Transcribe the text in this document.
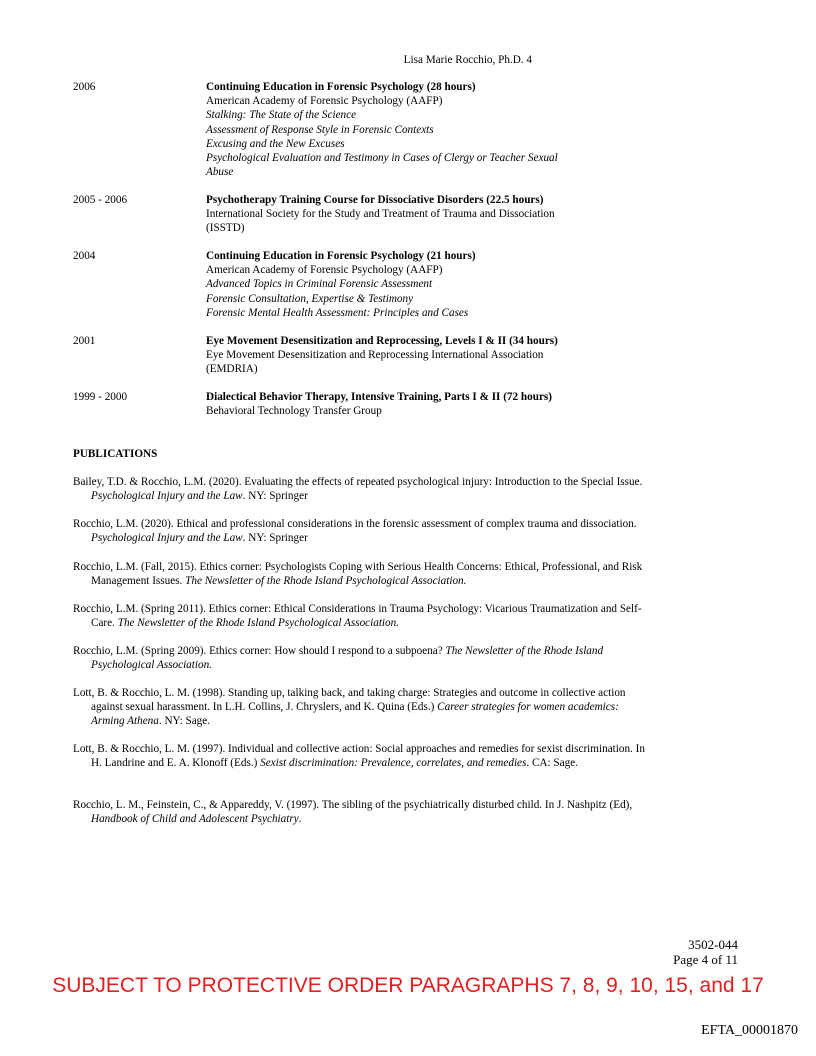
Lisa Marie Rocchio, Ph.D. 4
2006	Continuing Education in Forensic Psychology (28 hours)
American Academy of Forensic Psychology (AAFP)
Stalking: The State of the Science
Assessment of Response Style in Forensic Contexts
Excusing and the New Excuses
Psychological Evaluation and Testimony in Cases of Clergy or Teacher Sexual
Abuse
2005 - 2006	Psychotherapy Training Course for Dissociative Disorders (22.5 hours)
International Society for the Study and Treatment of Trauma and Dissociation
(ISSTD)
2004	Continuing Education in Forensic Psychology (21 hours)
American Academy of Forensic Psychology (AAFP)
Advanced Topics in Criminal Forensic Assessment
Forensic Consultation, Expertise & Testimony
Forensic Mental Health Assessment: Principles and Cases
2001	Eye Movement Desensitization and Reprocessing, Levels I & II (34 hours)
Eye Movement Desensitization and Reprocessing International Association
(EMDRIA)
1999 - 2000	Dialectical Behavior Therapy, Intensive Training, Parts I & II (72 hours)
Behavioral Technology Transfer Group
PUBLICATIONS
Bailey, T.D. & Rocchio, L.M. (2020). Evaluating the effects of repeated psychological injury: Introduction to the Special Issue. Psychological Injury and the Law. NY: Springer
Rocchio, L.M. (2020). Ethical and professional considerations in the forensic assessment of complex trauma and dissociation. Psychological Injury and the Law. NY: Springer
Rocchio, L.M. (Fall, 2015). Ethics corner: Psychologists Coping with Serious Health Concerns: Ethical, Professional, and Risk Management Issues. The Newsletter of the Rhode Island Psychological Association.
Rocchio, L.M. (Spring 2011). Ethics corner: Ethical Considerations in Trauma Psychology: Vicarious Traumatization and Self-Care. The Newsletter of the Rhode Island Psychological Association.
Rocchio, L.M. (Spring 2009). Ethics corner: How should I respond to a subpoena? The Newsletter of the Rhode Island Psychological Association.
Lott, B. & Rocchio, L. M. (1998). Standing up, talking back, and taking charge: Strategies and outcome in collective action against sexual harassment. In L.H. Collins, J. Chryslers, and K. Quina (Eds.) Career strategies for women academics: Arming Athena. NY: Sage.
Lott, B. & Rocchio, L. M. (1997). Individual and collective action: Social approaches and remedies for sexist discrimination. In H. Landrine and E. A. Klonoff (Eds.) Sexist discrimination: Prevalence, correlates, and remedies. CA: Sage.
Rocchio, L. M., Feinstein, C., & Appareddy, V. (1997). The sibling of the psychiatrically disturbed child. In J. Nashpitz (Ed), Handbook of Child and Adolescent Psychiatry.
3502-044
Page 4 of 11
SUBJECT TO PROTECTIVE ORDER PARAGRAPHS 7, 8, 9, 10, 15, and 17
EFTA_00001870
